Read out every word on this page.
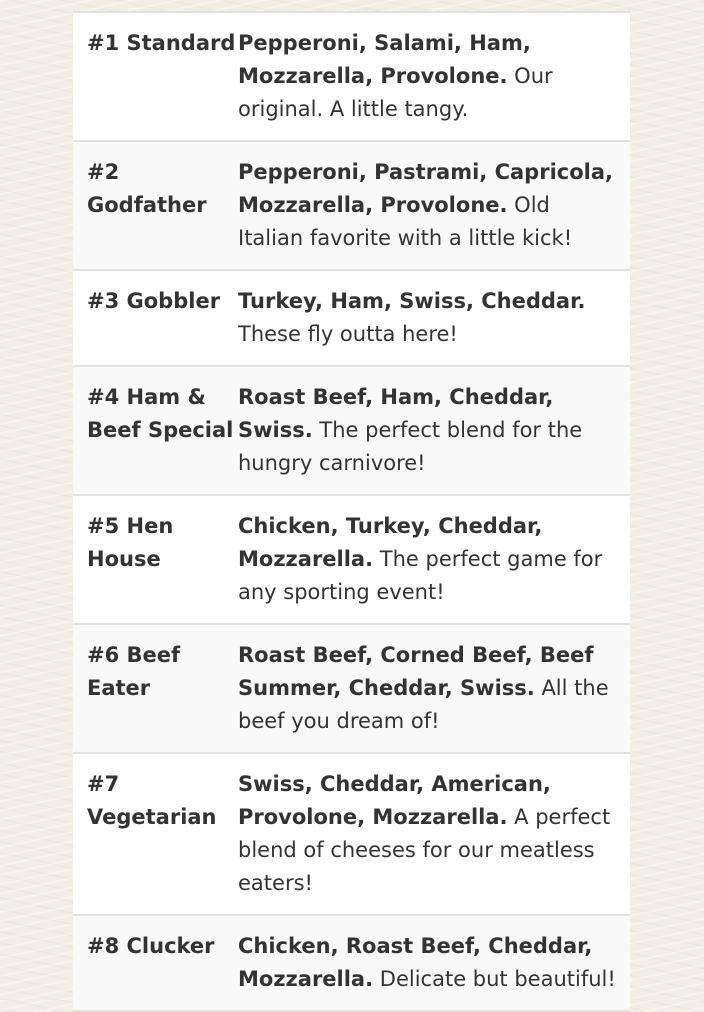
#1 Standard Pepperoni, Salami, Ham, Mozzarella, Provolone. Our original. A little tangy.
#2 Godfather
Pepperoni, Pastrami, Capricola, Mozzarella, Provolone. Old Italian favorite with a little kick!
#3 Gobbler Turkey, Ham, Swiss, Cheddar. These fly outta here!
#4 Ham & Beef Special
Roast Beef, Ham, Cheddar, Swiss. The perfect blend for the hungry carnivore!
#5 Hen House
Chicken, Turkey, Cheddar, Mozzarella. The perfect game for any sporting event!
#6 Beef Eater
Roast Beef, Corned Beef, Beef Summer, Cheddar, Swiss. All the beef you dream of!
#7 Vegetarian
Swiss, Cheddar, American, Provolone, Mozzarella. A perfect blend of cheeses for our meatless eaters!
#8 Clucker	Chicken, Roast Beef, Cheddar, Mozzarella. Delicate but beautiful!
